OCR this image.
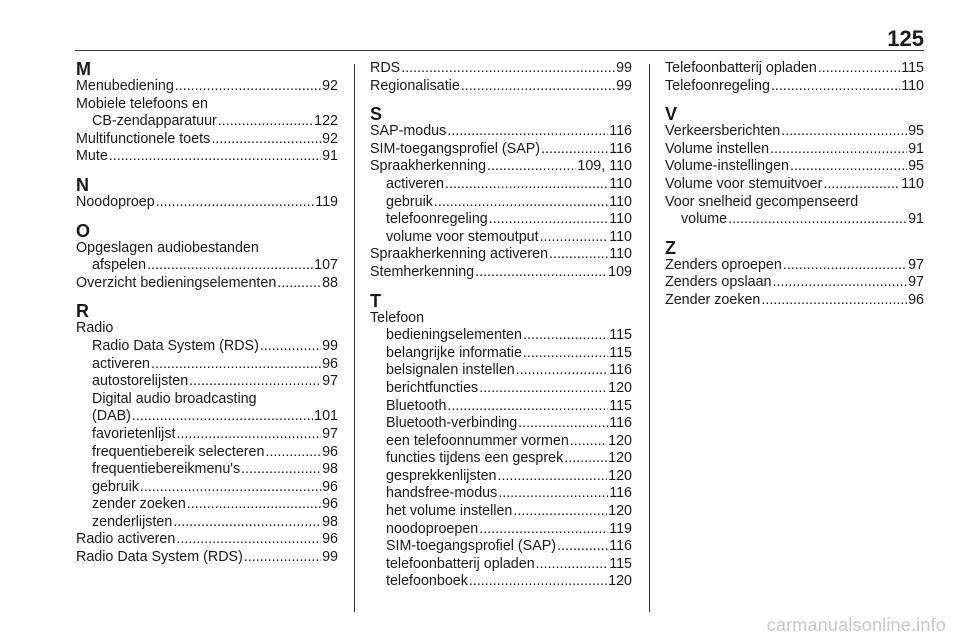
125
M
Menubediening .....	92
Mobiele telefoons en
CB-zendapparatuur .....	122
Multifunctionele toets .....	92
Mute .....	91
N
Noodoproep .....	119
O
Opgeslagen audiobestanden
afspelen .....	107
Overzicht bedieningselementen .....	88
R
Radio
Radio Data System (RDS) .....	99
activeren .....	96
autostorelijsten .....	97
Digital audio broadcasting
(DAB) .....	101
favorietenlijst .....	97
frequentiebereik selecteren .....	96
frequentiebereikmenu's .....	98
gebruik .....	96
zender zoeken .....	96
zenderlijsten .....	98
Radio activeren .....	96
Radio Data System (RDS) .....	99
RDS .....	99
Regionalisatie .....	99
S
SAP-modus .....	116
SIM-toegangsprofiel (SAP) .....	116
Spraakherkenning .....	109, 110
activeren .....	110
gebruik .....	110
telefoonregeling .....	110
volume voor stemoutput .....	110
Spraakherkenning activeren .....	110
Stemherkenning .....	109
T
Telefoon
bedieningselementen .....	115
belangrijke informatie .....	115
belsignalen instellen .....	116
berichtfuncties .....	120
Bluetooth .....	115
Bluetooth-verbinding .....	116
een telefoonnummer vormen .....	120
functies tijdens een gesprek .....	120
gesprekkenlijsten .....	120
handsfree-modus .....	116
het volume instellen .....	120
noodoproepen .....	119
SIM-toegangsprofiel (SAP) .....	116
telefoonbatterij opladen .....	115
telefoonboek .....	120
Telefoonbatterij opladen .....	115
Telefoonregeling .....	110
V
Verkeersberichten .....	95
Volume instellen .....	91
Volume-instellingen .....	95
Volume voor stemuitvoer .....	110
Voor snelheid gecompenseerd
volume .....	91
Z
Zenders oproepen .....	97
Zenders opslaan .....	97
Zender zoeken .....	96
carmanualsonline.info
